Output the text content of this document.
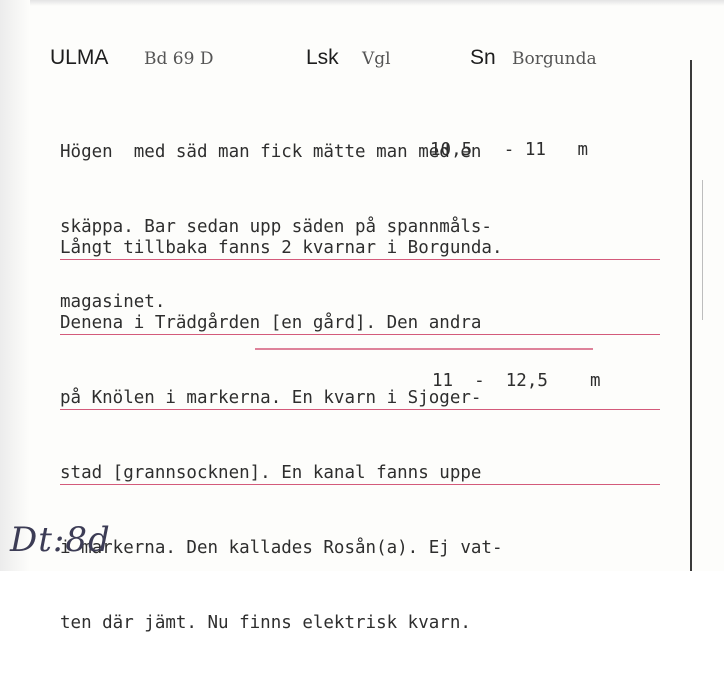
ULMA Bd 69 D	Lsk Vgl	Sn Borgunda

Högen  med säd man fick mätte man med en

skäppa. Bar sedan upp säden på spannmåls-

magasinet.

10,5   - 11   m

Långt tillbaka fanns 2 kvarnar i Borgunda.

Denena i Trädgården [en gård]. Den andra

på Knölen i markerna. En kvarn i Sjoger-

stad [grannsocknen]. En kanal fanns uppe

i markerna. Den kallades Rosån(a). Ej vat-

ten där jämt. Nu finns elektrisk kvarn.

11  -  12,5    m
Dt:8d
